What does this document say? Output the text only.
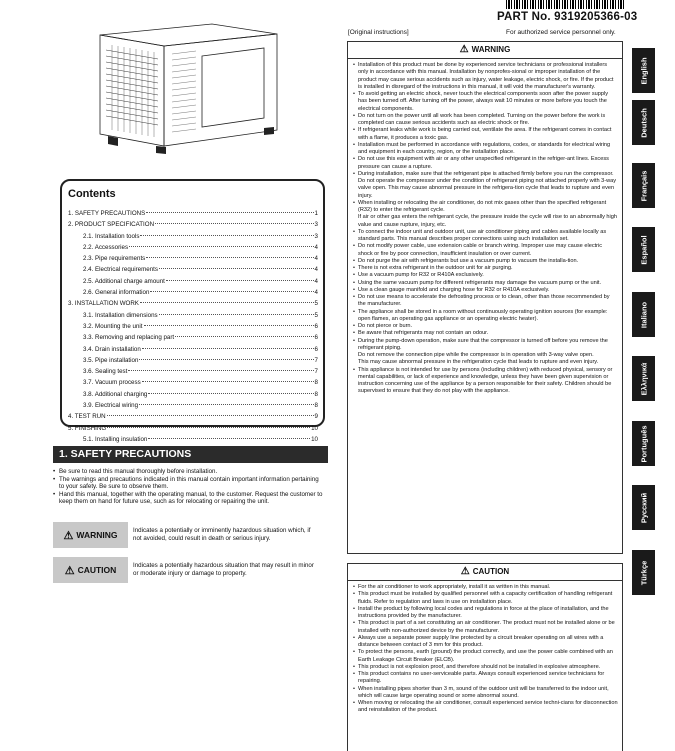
PART No. 9319205366-03
[Original instructions]	For authorized service personnel only.
Contents
1. SAFETY PRECAUTIONS	1
2. PRODUCT SPECIFICATION	3
2.1. Installation tools	3
2.2. Accessories	4
2.3. Pipe requirements	4
2.4. Electrical requirements	4
2.5. Additional charge amount	4
2.6. General information	4
3. INSTALLATION WORK	5
3.1. Installation dimensions	5
3.2. Mounting the unit	6
3.3. Removing and replacing part	6
3.4. Drain installation	6
3.5. Pipe installation	7
3.6. Sealing test	7
3.7. Vacuum process	8
3.8. Additional charging	8
3.9. Electrical wiring	8
4. TEST RUN	9
5. FINISHING	10
5.1. Installing insulation	10
1. SAFETY PRECAUTIONS
• Be sure to read this manual thoroughly before installation.
• The warnings and precautions indicated in this manual contain important information pertaining to your safety. Be sure to observe them.
• Hand this manual, together with the operating manual, to the customer. Request the customer to keep them on hand for future use, such as for relocating or repairing the unit.
⚠ WARNING	Indicates a potentially or imminently hazardous situation which, if not avoided, could result in death or serious injury.
⚠ CAUTION	Indicates a potentially hazardous situation that may result in minor or moderate injury or damage to property.
⚠ WARNING
• Installation of this product must be done by experienced service technicians or professional installers only in accordance with this manual. Installation by nonprofes-sional or improper installation of the product may cause serious accidents such as injury, water leakage, electric shock, or fire. If the product is installed in disregard of the instructions in this manual, it will void the manufacturer's warranty.
• To avoid getting an electric shock, never touch the electrical components soon after the power supply has been turned off. After turning off the power, always wait 10 minutes or more before you touch the electrical components.
• Do not turn on the power until all work has been completed. Turning on the power before the work is completed can cause serious accidents such as electric shock or fire.
• If refrigerant leaks while work is being carried out, ventilate the area. If the refrigerant comes in contact with a flame, it produces a toxic gas.
• Installation must be performed in accordance with regulations, codes, or standards for electrical wiring and equipment in each country, region, or the installation place.
• Do not use this equipment with air or any other unspecified refrigerant in the refriger-ant lines. Excess pressure can cause a rupture.
• During installation, make sure that the refrigerant pipe is attached firmly before you run the compressor.
Do not operate the compressor under the condition of refrigerant piping not attached properly with 3-way valve open. This may cause abnormal pressure in the refrigera-tion cycle that leads to rupture and even injury.
• When installing or relocating the air conditioner, do not mix gases other than the specified refrigerant (R32) to enter the refrigerant cycle.
If air or other gas enters the refrigerant cycle, the pressure inside the cycle will rise to an abnormally high value and cause rupture, injury, etc.
• To connect the indoor unit and outdoor unit, use air conditioner piping and cables available locally as standard parts. This manual describes proper connections using such installation set.
• Do not modify power cable, use extension cable or branch wiring. Improper use may cause electric shock or fire by poor connection, insufficient insulation or over current.
• Do not purge the air with refrigerants but use a vacuum pump to vacuum the installa-tion.
• There is not extra refrigerant in the outdoor unit for air purging.
• Use a vacuum pump for R32 or R410A exclusively.
• Using the same vacuum pump for different refrigerants may damage the vacuum pump or the unit.
• Use a clean gauge manifold and charging hose for R32 or R410A exclusively.
• Do not use means to accelerate the defrosting process or to clean, other than those recommended by the manufacturer.
• The appliance shall be stored in a room without continuously operating ignition sources (for example: open flames, an operating gas appliance or an operating electric heater).
• Do not pierce or burn.
• Be aware that refrigerants may not contain an odour.
• During the pump-down operation, make sure that the compressor is turned off before you remove the refrigerant piping.
Do not remove the connection pipe while the compressor is in operation with 3-way valve open.
This may cause abnormal pressure in the refrigeration cycle that leads to rupture and even injury.
• This appliance is not intended for use by persons (including children) with reduced physical, sensory or mental capabilities, or lack of experience and knowledge, unless they have been given supervision or instruction concerning use of the appliance by a person responsible for their safety. Children should be supervised to ensure that they do not play with the appliance.
⚠ CAUTION
• For the air conditioner to work appropriately, install it as written in this manual.
• This product must be installed by qualified personnel with a capacity certification of handling refrigerant fluids. Refer to regulation and laws in use on installation place.
• Install the product by following local codes and regulations in force at the place of installation, and the instructions provided by the manufacturer.
• This product is part of a set constituting an air conditioner. The product must not be installed alone or be installed with non-authorized device by the manufacturer.
• Always use a separate power supply line protected by a circuit breaker operating on all wires with a distance between contact of 3 mm for this product.
• To protect the persons, earth (ground) the product correctly, and use the power cable combined with an Earth Leakage Circuit Breaker (ELCB).
• This product is not explosion proof, and therefore should not be installed in explosive atmosphere.
• This product contains no user-serviceable parts. Always consult experienced service technicians for repairing.
• When installing pipes shorter than 3 m, sound of the outdoor unit will be transferred to the indoor unit, which will cause large operating sound or some abnormal sound.
• When moving or relocating the air conditioner, consult experienced service techni-cians for disconnection and reinstallation of the product.
English
Deutsch
Français
Español
Italiano
Ελληνικά
Português
Русский
Türkçe
